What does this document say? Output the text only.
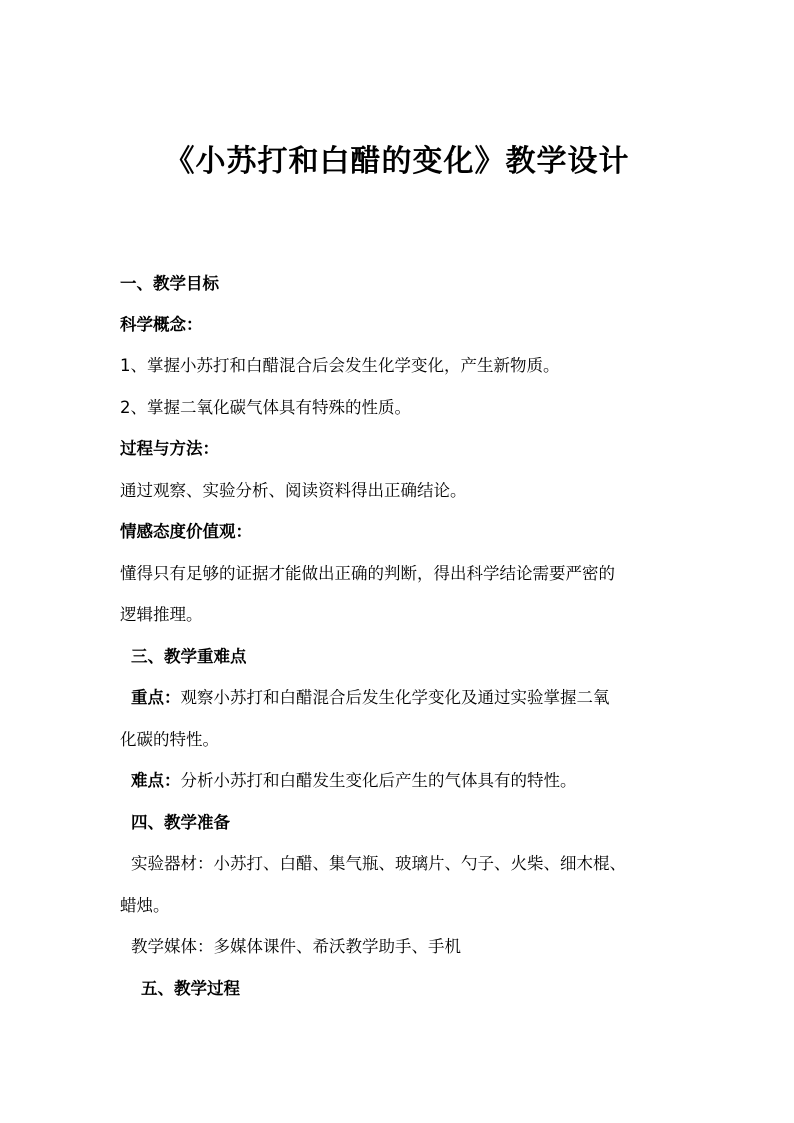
《小苏打和白醋的变化》教学设计
一、教学目标
科学概念：
1、掌握小苏打和白醋混合后会发生化学变化，产生新物质。
2、掌握二氧化碳气体具有特殊的性质。
过程与方法：
通过观察、实验分析、阅读资料得出正确结论。
情感态度价值观：
懂得只有足够的证据才能做出正确的判断，得出科学结论需要严密的
逻辑推理。
三、教学重难点
重点：观察小苏打和白醋混合后发生化学变化及通过实验掌握二氧
化碳的特性。
难点：分析小苏打和白醋发生变化后产生的气体具有的特性。
四、教学准备
实验器材：小苏打、白醋、集气瓶、玻璃片、勺子、火柴、细木棍、
蜡烛。
教学媒体：多媒体课件、希沃教学助手、手机
五、教学过程
